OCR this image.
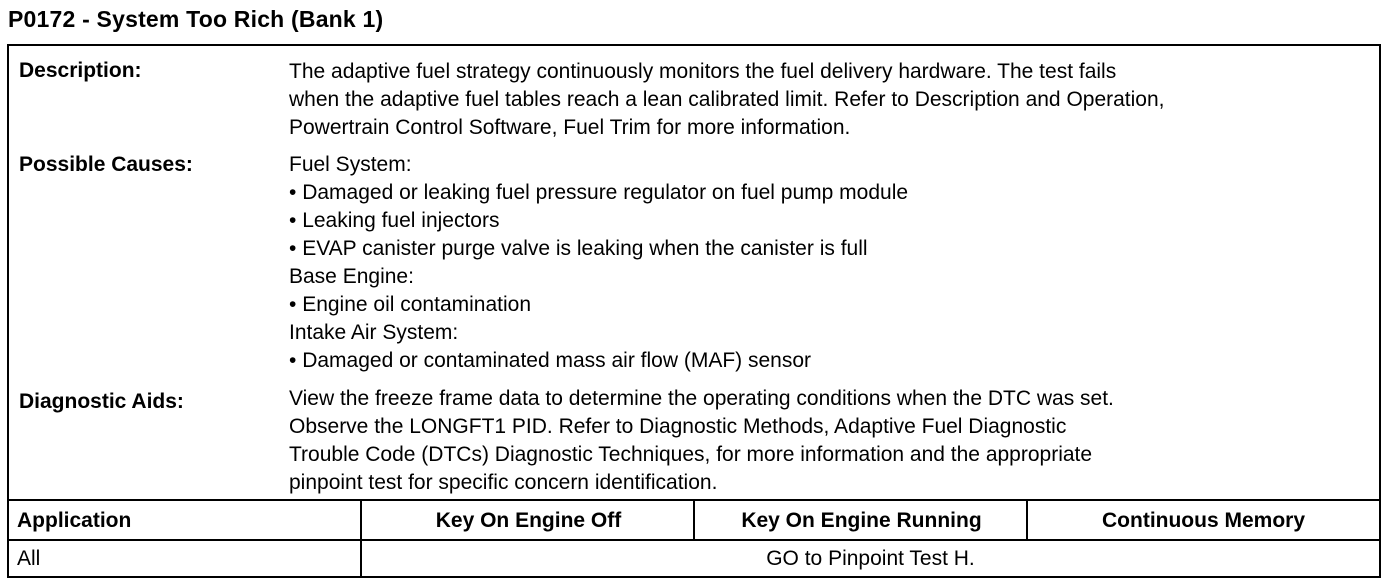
P0172 - System Too Rich (Bank 1)
Description:	The adaptive fuel strategy continuously monitors the fuel delivery hardware. The test fails
when the adaptive fuel tables reach a lean calibrated limit. Refer to Description and Operation,
Powertrain Control Software, Fuel Trim for more information.
Possible Causes:	Fuel System:
• Damaged or leaking fuel pressure regulator on fuel pump module
• Leaking fuel injectors
• EVAP canister purge valve is leaking when the canister is full
Base Engine:
• Engine oil contamination
Intake Air System:
• Damaged or contaminated mass air flow (MAF) sensor
Diagnostic Aids:	View the freeze frame data to determine the operating conditions when the DTC was set.
Observe the LONGFT1 PID. Refer to Diagnostic Methods, Adaptive Fuel Diagnostic
Trouble Code (DTCs) Diagnostic Techniques, for more information and the appropriate
pinpoint test for specific concern identification.
Application	Key On Engine Off	Key On Engine Running	Continuous Memory
All	GO to Pinpoint Test H.
